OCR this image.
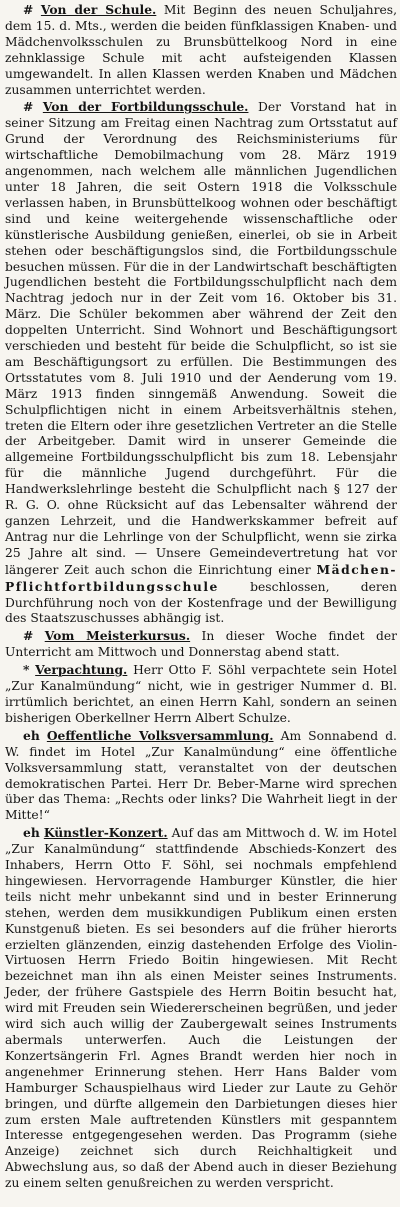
# Von der Schule. Mit Beginn des neuen Schuljahres, dem 15. d. Mts., werden die beiden fünfklassigen Knaben- und Mädchenvolksschulen zu Brunsbüttelkoog Nord in eine zehnklassige Schule mit acht aufsteigenden Klassen umgewandelt. In allen Klassen werden Knaben und Mädchen zusammen unterrichtet werden.

# Von der Fortbildungsschule. Der Vorstand hat in seiner Sitzung am Freitag einen Nachtrag zum Ortsstatut auf Grund der Verordnung des Reichsministeriums für wirtschaftliche Demobilmachung vom 28. März 1919 angenommen, nach welchem alle männlichen Jugendlichen unter 18 Jahren, die seit Ostern 1918 die Volksschule verlassen haben, in Brunsbüttelkoog wohnen oder beschäftigt sind und keine weitergehende wissenschaftliche oder künstlerische Ausbildung genießen, einerlei, ob sie in Arbeit stehen oder beschäftigungslos sind, die Fortbildungsschule besuchen müssen. Für die in der Landwirtschaft beschäftigten Jugendlichen besteht die Fortbildungsschulpflicht nach dem Nachtrag jedoch nur in der Zeit vom 16. Oktober bis 31. März. Die Schüler bekommen aber während der Zeit den doppelten Unterricht. Sind Wohnort und Beschäftigungsort verschieden und besteht für beide die Schulpflicht, so ist sie am Beschäftigungsort zu erfüllen. Die Bestimmungen des Ortsstatutes vom 8. Juli 1910 und der Aenderung vom 19. März 1913 finden sinngemäß Anwendung. Soweit die Schulpflichtigen nicht in einem Arbeitsverhältnis stehen, treten die Eltern oder ihre gesetzlichen Vertreter an die Stelle der Arbeitgeber. Damit wird in unserer Gemeinde die allgemeine Fortbildungsschulpflicht bis zum 18. Lebensjahr für die männliche Jugend durchgeführt. Für die Handwerkslehrlinge besteht die Schulpflicht nach § 127 der R. G. O. ohne Rücksicht auf das Lebensalter während der ganzen Lehrzeit, und die Handwerkskammer befreit auf Antrag nur die Lehrlinge von der Schulpflicht, wenn sie zirka 25 Jahre alt sind. — Unsere Gemeindevertretung hat vor längerer Zeit auch schon die Einrichtung einer Mädchen-Pflichtfortbildungsschule	beschlossen, deren Durchführung noch von der Kostenfrage und der Bewilligung des Staatszuschusses abhängig ist.

# Vom Meisterkursus. In dieser Woche findet der Unterricht am Mittwoch und Donnerstag abend statt.

* Verpachtung. Herr Otto F. Söhl verpachtete sein Hotel „Zur Kanalmündung“ nicht, wie in gestriger Nummer d. Bl. irrtümlich berichtet, an einen Herrn Kahl, sondern an seinen bisherigen Oberkellner Herrn Albert Schulze.

eh Oeffentliche Volksversammlung. Am Sonnabend d. W. findet im Hotel „Zur Kanalmündung“ eine öffentliche Volksversammlung statt, veranstaltet von der deutschen demokratischen Partei. Herr Dr. Beber-Marne wird sprechen über das Thema: „Rechts oder links? Die Wahrheit liegt in der Mitte!“

eh Künstler-Konzert. Auf das am Mittwoch d. W. im Hotel „Zur Kanalmündung“ stattfindende Abschieds-Konzert des Inhabers, Herrn Otto F. Söhl, sei nochmals empfehlend hingewiesen. Hervorragende Hamburger Künstler, die hier teils nicht mehr unbekannt sind und in bester Erinnerung stehen, werden dem musikkundigen Publikum einen ersten Kunstgenuß bieten. Es sei besonders auf die früher hierorts erzielten glänzenden, einzig dastehenden Erfolge des Violin-Virtuosen Herrn Friedo Boitin hingewiesen. Mit Recht bezeichnet man ihn als einen Meister seines Instruments. Jeder, der frühere Gastspiele des Herrn Boitin besucht hat, wird mit Freuden sein Wiedererscheinen begrüßen, und jeder wird sich auch willig der Zaubergewalt seines Instruments abermals unterwerfen. Auch die Leistungen der Konzertsängerin Frl. Agnes Brandt werden hier noch in angenehmer Erinnerung stehen. Herr Hans Balder vom Hamburger Schauspielhaus wird Lieder zur Laute zu Gehör bringen, und dürfte allgemein den Darbietungen dieses hier zum ersten Male auftretenden Künstlers mit gespanntem Interesse entgegengesehen werden. Das Programm (siehe Anzeige) zeichnet sich durch Reichhaltigkeit und Abwechslung aus, so daß der Abend auch in dieser Beziehung zu einem selten genußreichen zu werden verspricht.
